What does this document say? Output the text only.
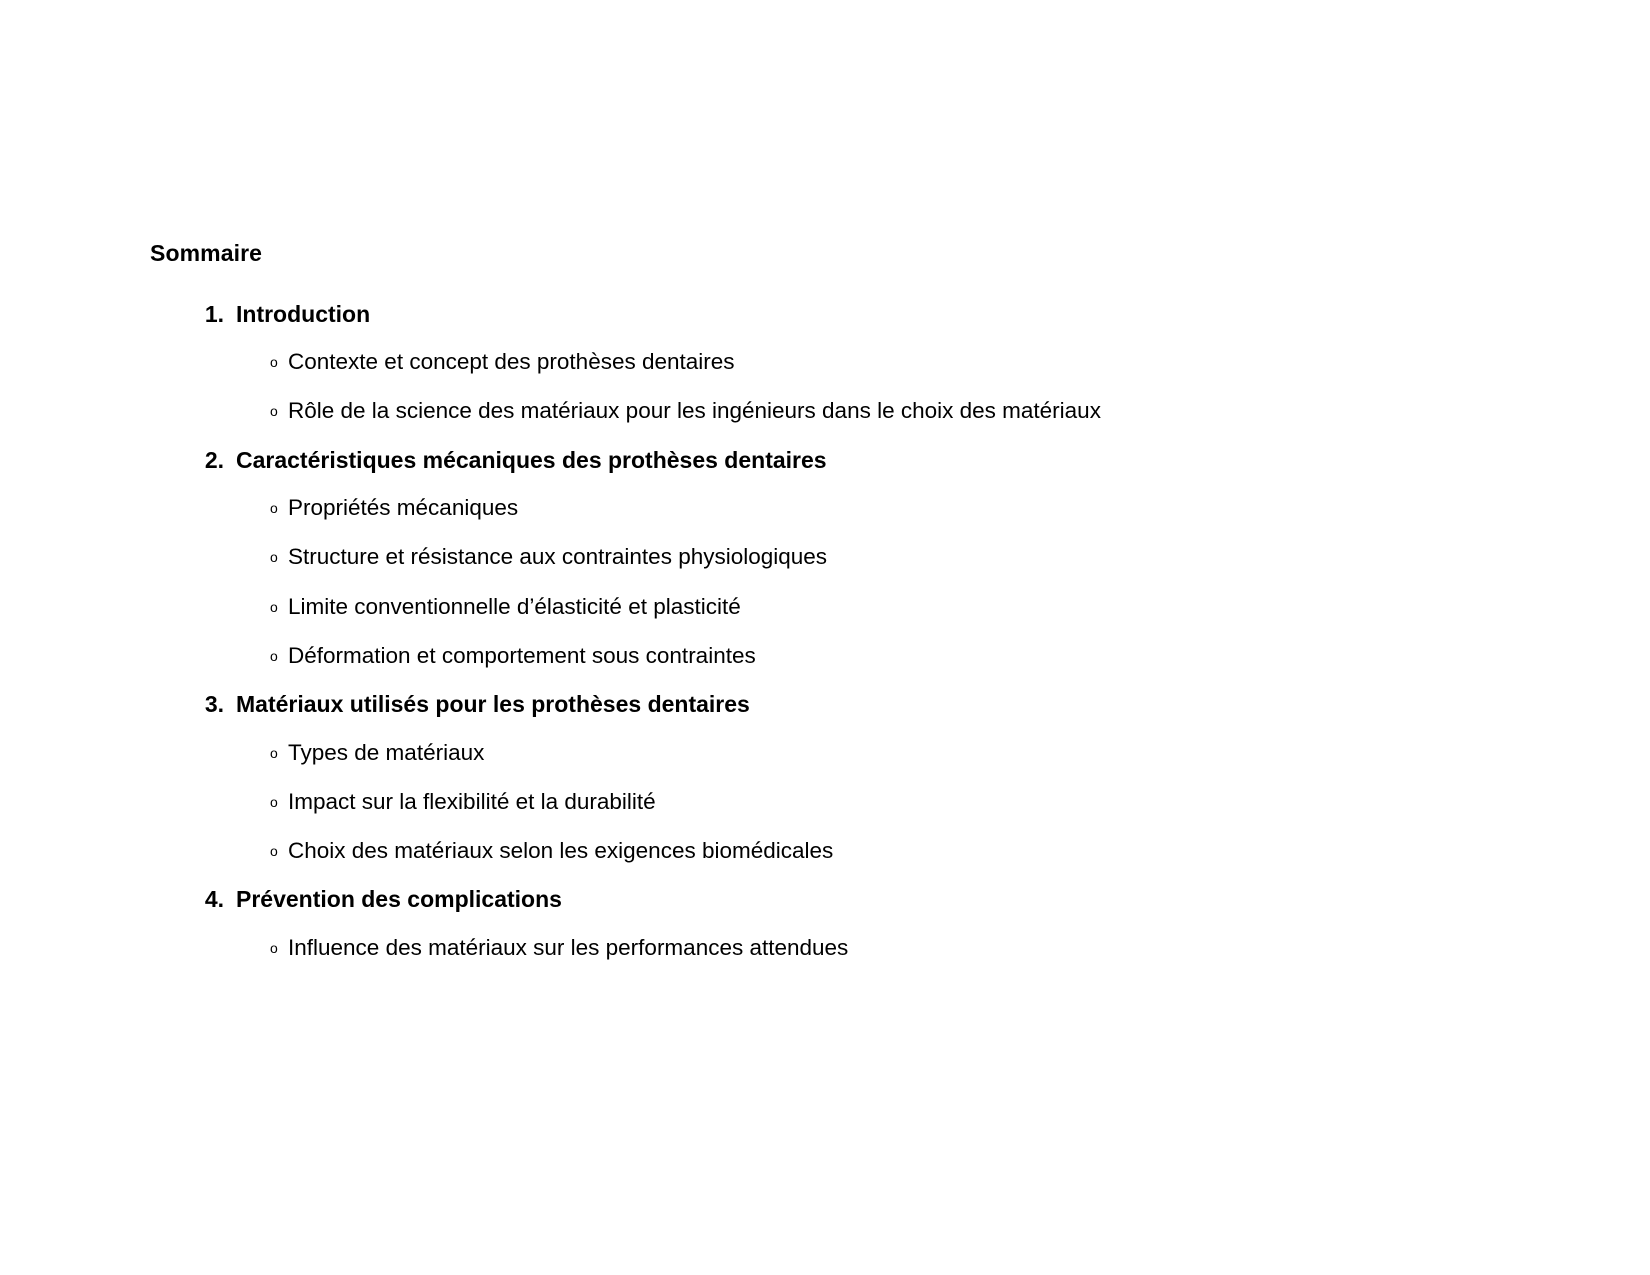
Sommaire
1. Introduction
o Contexte et concept des prothèses dentaires
o Rôle de la science des matériaux pour les ingénieurs dans le choix des matériaux
2. Caractéristiques mécaniques des prothèses dentaires
o Propriétés mécaniques
o Structure et résistance aux contraintes physiologiques
o Limite conventionnelle d’élasticité et plasticité
o Déformation et comportement sous contraintes
3. Matériaux utilisés pour les prothèses dentaires
o Types de matériaux
o Impact sur la flexibilité et la durabilité
o Choix des matériaux selon les exigences biomédicales
4. Prévention des complications
o Influence des matériaux sur les performances attendues
